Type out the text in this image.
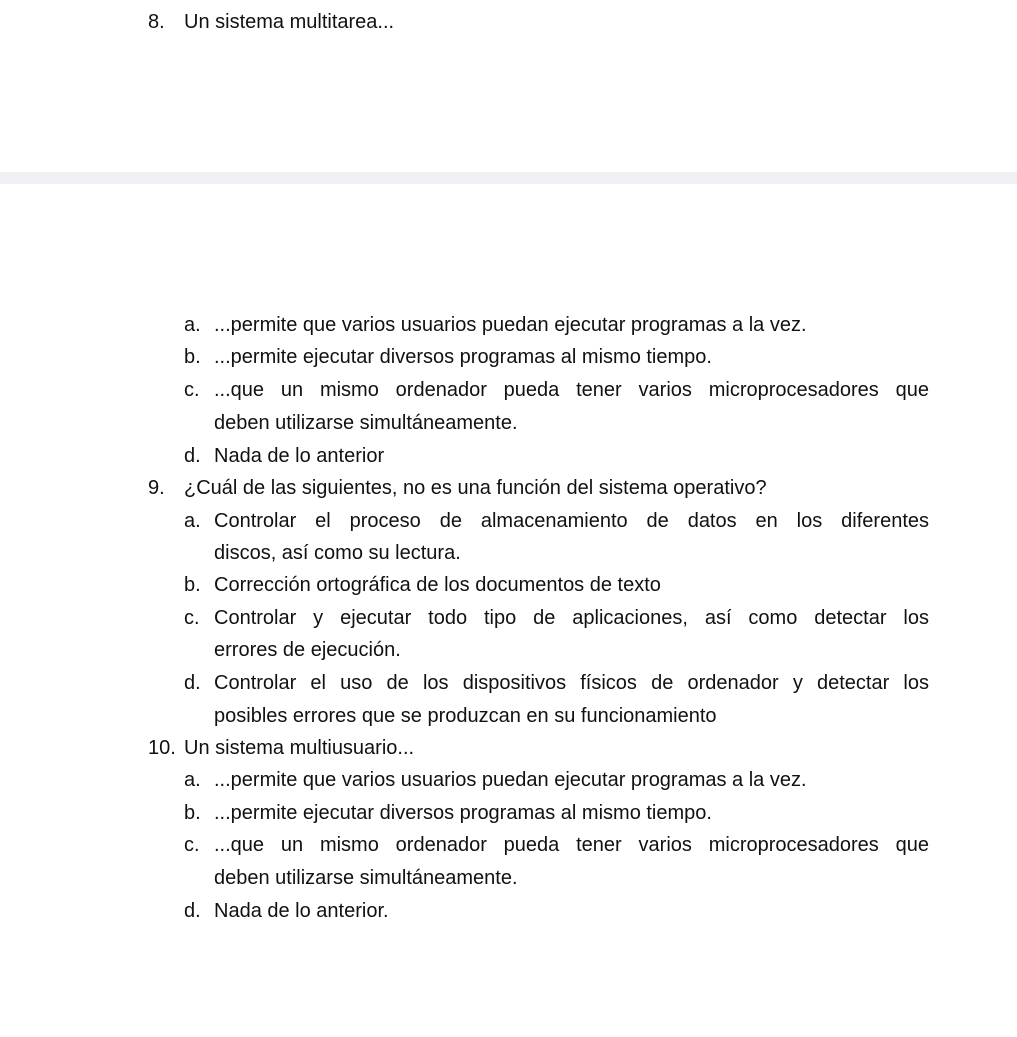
8. Un sistema multitarea...
a. ...permite que varios usuarios puedan ejecutar programas a la vez.
b. ...permite ejecutar diversos programas al mismo tiempo.
c. ...que un mismo ordenador pueda tener varios microprocesadores que
deben utilizarse simultáneamente.
d. Nada de lo anterior
9. ¿Cuál de las siguientes, no es una función del sistema operativo?
a. Controlar el proceso de almacenamiento de datos en los diferentes
discos, así como su lectura.
b. Corrección ortográfica de los documentos de texto
c. Controlar y ejecutar todo tipo de aplicaciones, así como detectar los
errores de ejecución.
d. Controlar el uso de los dispositivos físicos de ordenador y detectar los
posibles errores que se produzcan en su funcionamiento
10. Un sistema multiusuario...
a. ...permite que varios usuarios puedan ejecutar programas a la vez.
b. ...permite ejecutar diversos programas al mismo tiempo.
c. ...que un mismo ordenador pueda tener varios microprocesadores que
deben utilizarse simultáneamente.
d. Nada de lo anterior.
